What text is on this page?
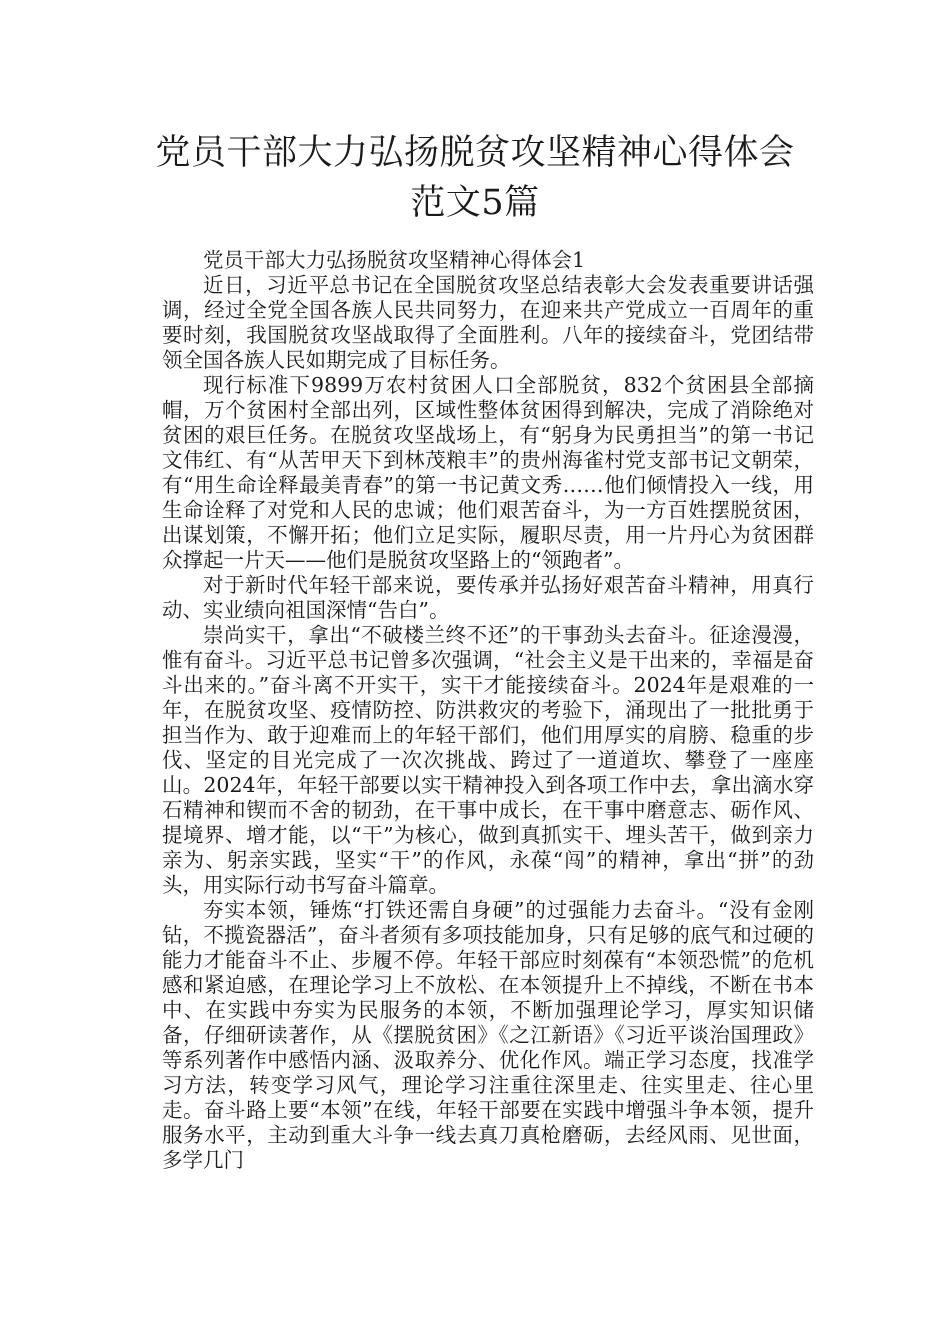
党员干部大力弘扬脱贫攻坚精神心得体会
范文5篇

党员干部大力弘扬脱贫攻坚精神心得体会1

近日，习近平总书记在全国脱贫攻坚总结表彰大会发表重要讲话强调，经过全党全国各族人民共同努力，在迎来共产党成立一百周年的重要时刻，我国脱贫攻坚战取得了全面胜利。八年的接续奋斗，党团结带领全国各族人民如期完成了目标任务。

现行标准下9899万农村贫困人口全部脱贫，832个贫困县全部摘帽，万个贫困村全部出列，区域性整体贫困得到解决，完成了消除绝对贫困的艰巨任务。在脱贫攻坚战场上，有“躬身为民勇担当”的第一书记文伟红、有“从苦甲天下到林茂粮丰”的贵州海雀村党支部书记文朝荣，有“用生命诠释最美青春”的第一书记黄文秀……他们倾情投入一线，用生命诠释了对党和人民的忠诚；他们艰苦奋斗，为一方百姓摆脱贫困，出谋划策，不懈开拓；他们立足实际，履职尽责，用一片丹心为贫困群众撑起一片天——他们是脱贫攻坚路上的“领跑者”。

对于新时代年轻干部来说，要传承并弘扬好艰苦奋斗精神，用真行动、实业绩向祖国深情“告白”。

崇尚实干，拿出“不破楼兰终不还”的干事劲头去奋斗。征途漫漫，惟有奋斗。习近平总书记曾多次强调，“社会主义是干出来的，幸福是奋斗出来的。”奋斗离不开实干，实干才能接续奋斗。2024年是艰难的一年，在脱贫攻坚、疫情防控、防洪救灾的考验下，涌现出了一批批勇于担当作为、敢于迎难而上的年轻干部们，他们用厚实的肩膀、稳重的步伐、坚定的目光完成了一次次挑战、跨过了一道道坎、攀登了一座座山。2024年，年轻干部要以实干精神投入到各项工作中去，拿出滴水穿石精神和锲而不舍的韧劲，在干事中成长，在干事中磨意志、砺作风、提境界、增才能，以“干”为核心，做到真抓实干、埋头苦干，做到亲力亲为、躬亲实践，坚实“干”的作风，永葆“闯”的精神，拿出“拼”的劲头，用实际行动书写奋斗篇章。

夯实本领，锤炼“打铁还需自身硬”的过强能力去奋斗。“没有金刚钻，不揽瓷器活”，奋斗者须有多项技能加身，只有足够的底气和过硬的能力才能奋斗不止、步履不停。年轻干部应时刻葆有“本领恐慌”的危机感和紧迫感，在理论学习上不放松、在本领提升上不掉线，不断在书本中、在实践中夯实为民服务的本领，不断加强理论学习，厚实知识储备，仔细研读著作，从《摆脱贫困》《之江新语》《习近平谈治国理政》等系列著作中感悟内涵、汲取养分、优化作风。端正学习态度，找准学习方法，转变学习风气，理论学习注重往深里走、往实里走、往心里走。奋斗路上要“本领”在线，年轻干部要在实践中增强斗争本领，提升服务水平，主动到重大斗争一线去真刀真枪磨砺，去经风雨、见世面，多学几门
